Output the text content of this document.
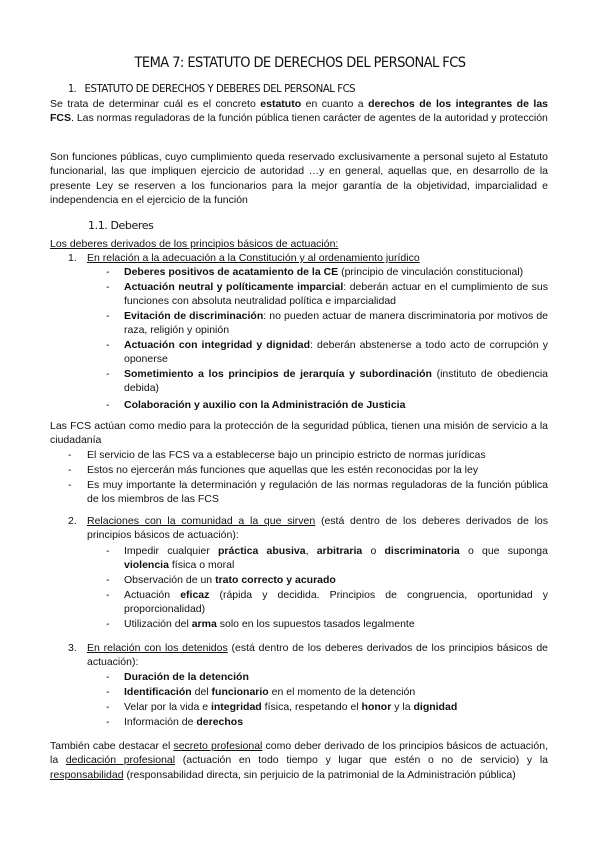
TEMA 7: ESTATUTO DE DERECHOS DEL PERSONAL FCS
1. ESTATUTO DE DERECHOS Y DEBERES DEL PERSONAL FCS
Se trata de determinar cuál es el concreto estatuto en cuanto a derechos de los integrantes de las FCS. Las normas reguladoras de la función pública tienen carácter de agentes de la autoridad y protección
Son funciones públicas, cuyo cumplimiento queda reservado exclusivamente a personal sujeto al Estatuto funcionarial, las que impliquen ejercicio de autoridad …y en general, aquellas que, en desarrollo de la presente Ley se reserven a los funcionarios para la mejor garantía de la objetividad, imparcialidad e independencia en el ejercicio de la función
1.1. Deberes
Los deberes derivados de los principios básicos de actuación:
1. En relación a la adecuación a la Constitución y al ordenamiento jurídico
- Deberes positivos de acatamiento de la CE (principio de vinculación constitucional)
- Actuación neutral y políticamente imparcial: deberán actuar en el cumplimiento de sus funciones con absoluta neutralidad política e imparcialidad
- Evitación de discriminación: no pueden actuar de manera discriminatoria por motivos de raza, religión y opinión
- Actuación con integridad y dignidad: deberán abstenerse a todo acto de corrupción y oponerse
- Sometimiento a los principios de jerarquía y subordinación (instituto de obediencia debida)
- Colaboración y auxilio con la Administración de Justicia
Las FCS actúan como medio para la protección de la seguridad pública, tienen una misión de servicio a la ciudadanía
- El servicio de las FCS va a establecerse bajo un principio estricto de normas jurídicas
- Estos no ejercerán más funciones que aquellas que les estén reconocidas por la ley
- Es muy importante la determinación y regulación de las normas reguladoras de la función pública de los miembros de las FCS
2. Relaciones con la comunidad a la que sirven (está dentro de los deberes derivados de los principios básicos de actuación):
- Impedir cualquier práctica abusiva, arbitraria o discriminatoria o que suponga violencia física o moral
- Observación de un trato correcto y acurado
- Actuación eficaz (rápida y decidida. Principios de congruencia, oportunidad y proporcionalidad)
- Utilización del arma solo en los supuestos tasados legalmente
3. En relación con los detenidos (está dentro de los deberes derivados de los principios básicos de actuación):
- Duración de la detención
- Identificación del funcionario en el momento de la detención
- Velar por la vida e integridad física, respetando el honor y la dignidad
- Información de derechos
También cabe destacar el secreto profesional como deber derivado de los principios básicos de actuación, la dedicación profesional (actuación en todo tiempo y lugar que estén o no de servicio) y la responsabilidad (responsabilidad directa, sin perjuicio de la patrimonial de la Administración pública)
